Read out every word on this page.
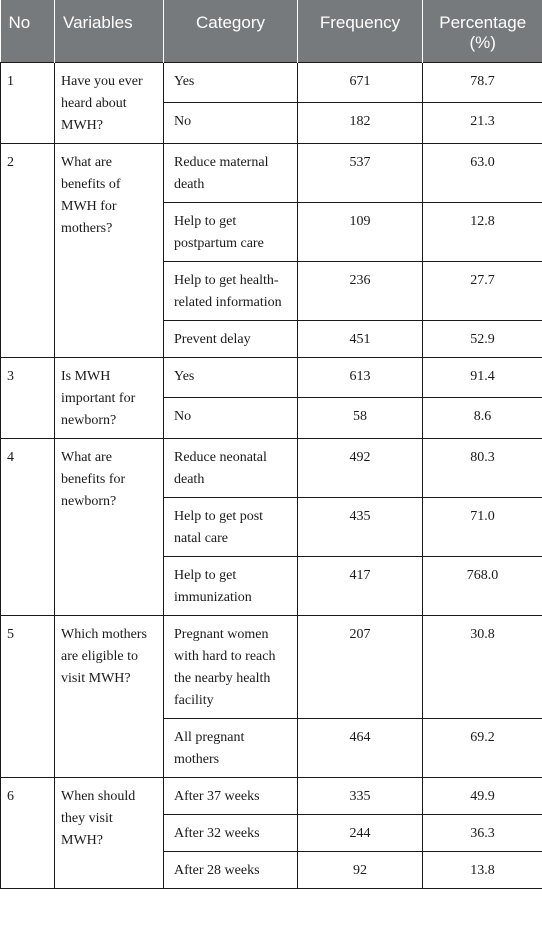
No	Variables	Category	Frequency	Percentage (%)
1	Have you ever heard about MWH?	Yes	671	78.7
		No	182	21.3
2	What are benefits of MWH for mothers?	Reduce maternal death	537	63.0
		Help to get postpartum care	109	12.8
		Help to get health-related information	236	27.7
		Prevent delay	451	52.9
3	Is MWH important for newborn?	Yes	613	91.4
		No	58	8.6
4	What are benefits for newborn?	Reduce neonatal death	492	80.3
		Help to get post natal care	435	71.0
		Help to get immunization	417	768.0
5	Which mothers are eligible to visit MWH?	Pregnant women with hard to reach the nearby health facility	207	30.8
		All pregnant mothers	464	69.2
6	When should they visit MWH?	After 37 weeks	335	49.9
		After 32 weeks	244	36.3
		After 28 weeks	92	13.8
